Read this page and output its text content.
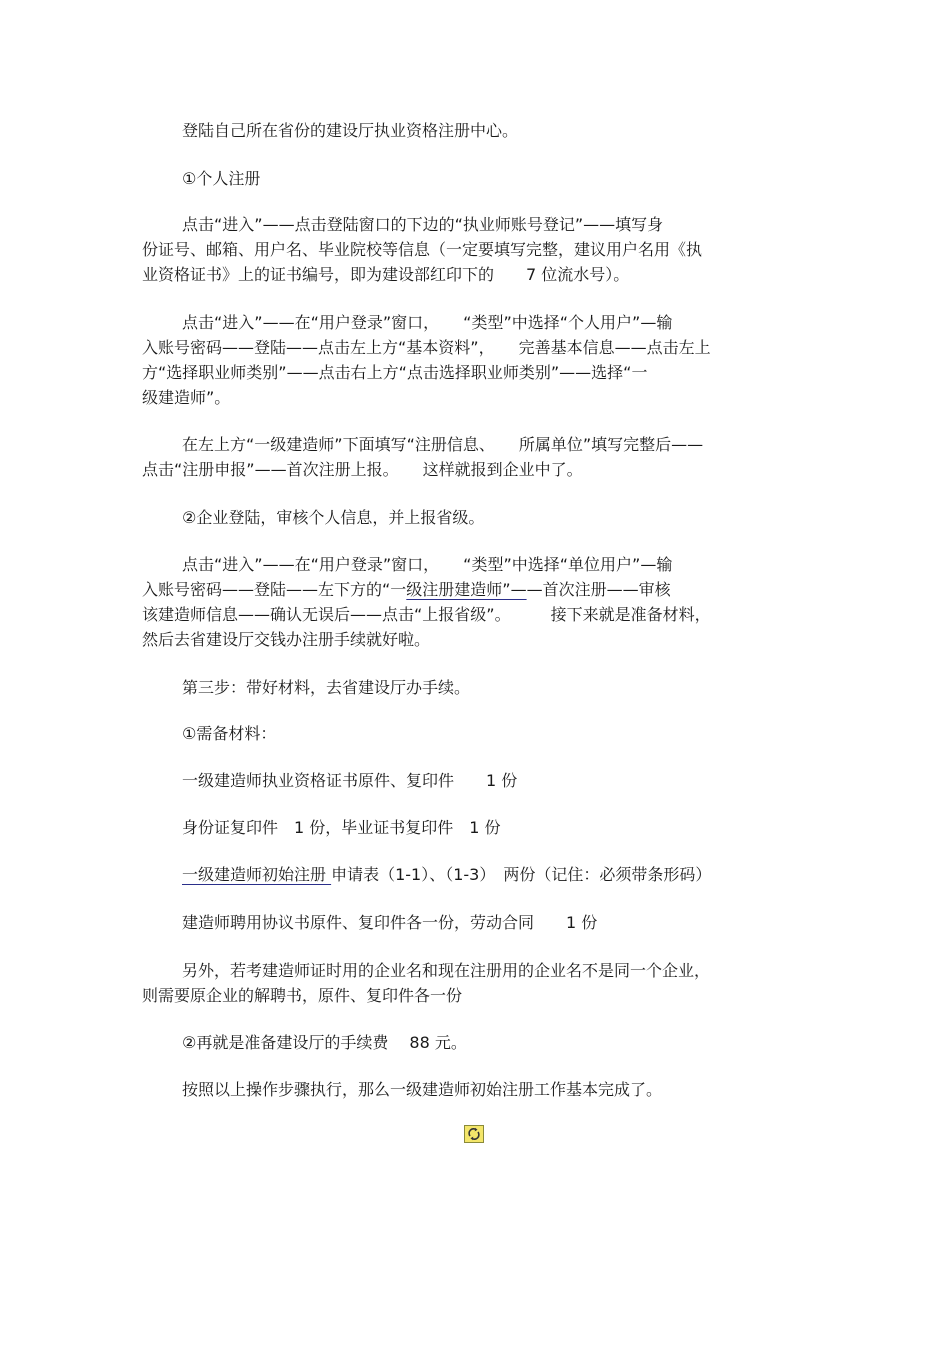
登陆自己所在省份的建设厅执业资格注册中心。
①个人注册
点击“进入”——点击登陆窗口的下边的“执业师账号登记”——填写身
份证号、邮箱、用户名、毕业院校等信息（一定要填写完整，建议用户名用《执
业资格证书》上的证书编号，即为建设部红印下的　　7 位流水号）。
点击“进入”——在“用户登录”窗口，　　“类型”中选择“个人用户”—输
入账号密码——登陆——点击左上方“基本资料”，　　完善基本信息——点击左上
方“选择职业师类别”——点击右上方“点击选择职业师类别”——选择“一
级建造师”。
在左上方“一级建造师”下面填写“注册信息、　　所属单位”填写完整后——
点击“注册申报”——首次注册上报。　　这样就报到企业中了。
②企业登陆，审核个人信息，并上报省级。
点击“进入”——在“用户登录”窗口，　　“类型”中选择“单位用户”—输
入账号密码——登陆——左下方的“一级注册建造师”——首次注册——审核
该建造师信息——确认无误后——点击“上报省级”。　　　接下来就是准备材料，
然后去省建设厅交钱办注册手续就好啦。
第三步：带好材料，去省建设厅办手续。
①需备材料：
一级建造师执业资格证书原件、复印件　　1 份
身份证复印件　1 份，毕业证书复印件　1 份
一级建造师初始注册 申请表（1-1）、（1-3）　两份（记住：必须带条形码）
建造师聘用协议书原件、复印件各一份，劳动合同　　1 份
另外，若考建造师证时用的企业名和现在注册用的企业名不是同一个企业，
则需要原企业的解聘书，原件、复印件各一份
②再就是准备建设厅的手续费　 88 元。
按照以上操作步骤执行，那么一级建造师初始注册工作基本完成了。
